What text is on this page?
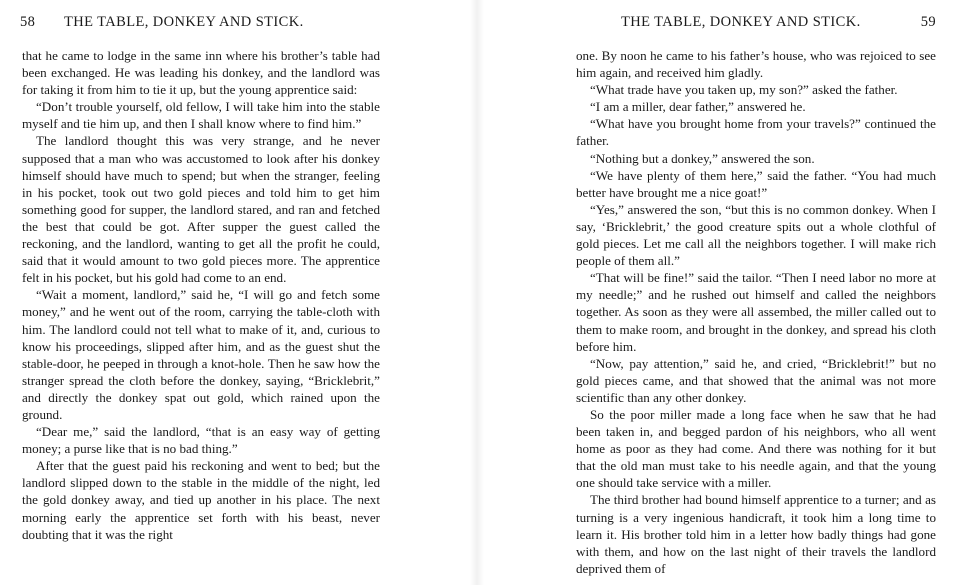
58 THE TABLE, DONKEY AND STICK.

that he came to lodge in the same inn where his brother’s table had been exchanged. He was leading his donkey, and the landlord was for taking it from him to tie it up, but the young apprentice said:

“Don’t trouble yourself, old fellow, I will take him into the stable myself and tie him up, and then I shall know where to find him.”

The landlord thought this was very strange, and he never supposed that a man who was accustomed to look after his donkey himself should have much to spend; but when the stranger, feeling in his pocket, took out two gold pieces and told him to get him something good for supper, the landlord stared, and ran and fetched the best that could be got. After supper the guest called the reckoning, and the landlord, wanting to get all the profit he could, said that it would amount to two gold pieces more. The apprentice felt in his pocket, but his gold had come to an end.

“Wait a moment, landlord,” said he, “I will go and fetch some money,” and he went out of the room, carrying the table-cloth with him. The landlord could not tell what to make of it, and, curious to know his proceedings, slipped after him, and as the guest shut the stable-door, he peeped in through a knot-hole. Then he saw how the stranger spread the cloth before the donkey, saying, “Bricklebrit,” and directly the donkey spat out gold, which rained upon the ground.

“Dear me,” said the landlord, “that is an easy way of getting money; a purse like that is no bad thing.”

After that the guest paid his reckoning and went to bed; but the landlord slipped down to the stable in the middle of the night, led the gold donkey away, and tied up another in his place. The next morning early the apprentice set forth with his beast, never doubting that it was the right

THE TABLE, DONKEY AND STICK.	59

one. By noon he came to his father’s house, who was rejoiced to see him again, and received him gladly.

“What trade have you taken up, my son?” asked the father.

“I am a miller, dear father,” answered he.

“What have you brought home from your travels?” continued the father.

“Nothing but a donkey,” answered the son.

“We have plenty of them here,” said the father. “You had much better have brought me a nice goat!”

“Yes,” answered the son, “but this is no common donkey. When I say, ‘Bricklebrit,’ the good creature spits out a whole clothful of gold pieces. Let me call all the neighbors together. I will make rich people of them all.”

“That will be fine!” said the tailor. “Then I need labor no more at my needle;” and he rushed out himself and called the neighbors together. As soon as they were all assembed, the miller called out to them to make room, and brought in the donkey, and spread his cloth before him.

“Now, pay attention,” said he, and cried, “Bricklebrit!” but no gold pieces came, and that showed that the animal was not more scientific than any other donkey.

So the poor miller made a long face when he saw that he had been taken in, and begged pardon of his neighbors, who all went home as poor as they had come. And there was nothing for it but that the old man must take to his needle again, and that the young one should take service with a miller.

The third brother had bound himself apprentice to a turner; and as turning is a very ingenious handicraft, it took him a long time to learn it. His brother told him in a letter how badly things had gone with them, and how on the last night of their travels the landlord deprived them of
